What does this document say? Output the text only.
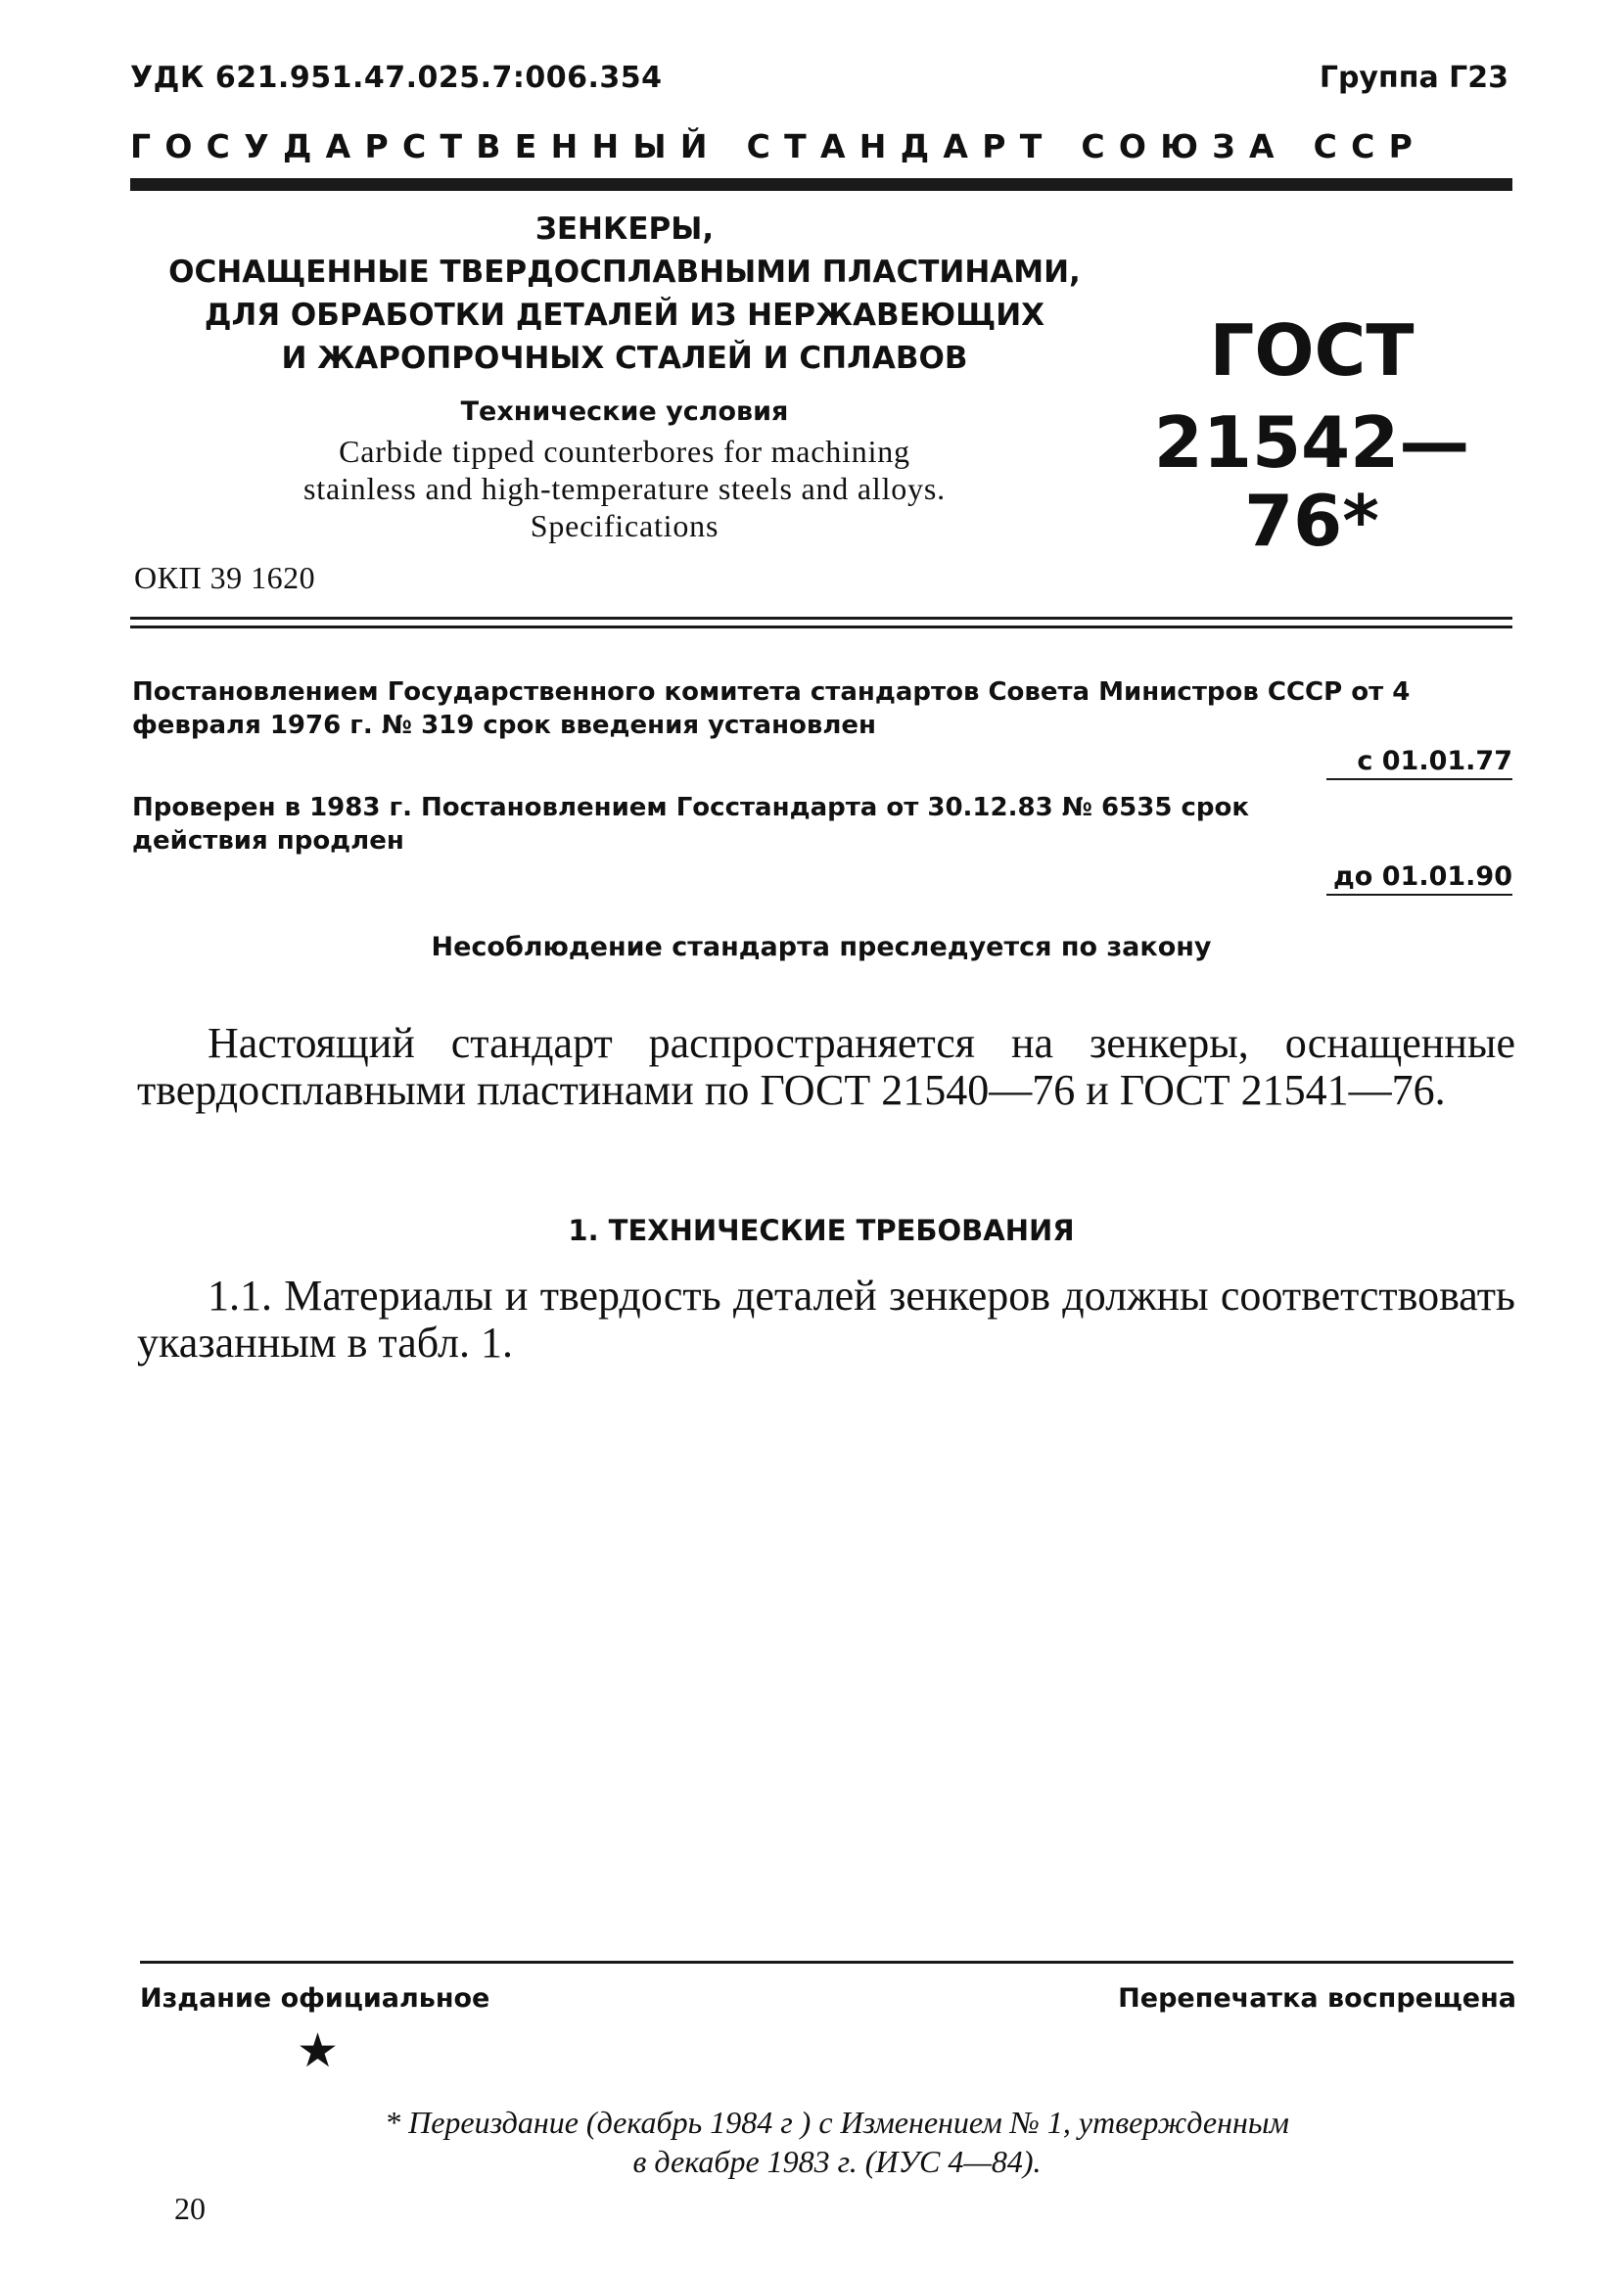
УДК 621.951.47.025.7:006.354	Группа Г23
ГОСУДАРСТВЕННЫЙ СТАНДАРТ СОЮЗА ССР
ЗЕНКЕРЫ,
ОСНАЩЕННЫЕ ТВЕРДОСПЛАВНЫМИ ПЛАСТИНАМИ,
ДЛЯ ОБРАБОТКИ ДЕТАЛЕЙ ИЗ НЕРЖАВЕЮЩИХ
И ЖАРОПРОЧНЫХ СТАЛЕЙ И СПЛАВОВ
Технические условия
Carbide tipped counterbores for machining
stainless and high-temperature steels and alloys.
Specifications
ГОСТ
21542—76*
ОКП 39 1620
Постановлением Государственного комитета стандартов Совета Министров СССР от 4 февраля 1976 г. № 319 срок введения установлен
с 01.01.77
Проверен в 1983 г. Постановлением Госстандарта от 30.12.83 № 6535 срок действия продлен
до 01.01.90
Несоблюдение стандарта преследуется по закону
Настоящий стандарт распространяется на зенкеры, оснащенные твердосплавными пластинами по ГОСТ 21540—76 и ГОСТ 21541—76.
1. ТЕХНИЧЕСКИЕ ТРЕБОВАНИЯ
1.1. Материалы и твердость деталей зенкеров должны соответствовать указанным в табл. 1.
Издание официальное	Перепечатка воспрещена
★
* Переиздание (декабрь 1984 г ) с Изменением № 1, утвержденным
в декабре 1983 г. (ИУС 4—84).
20
